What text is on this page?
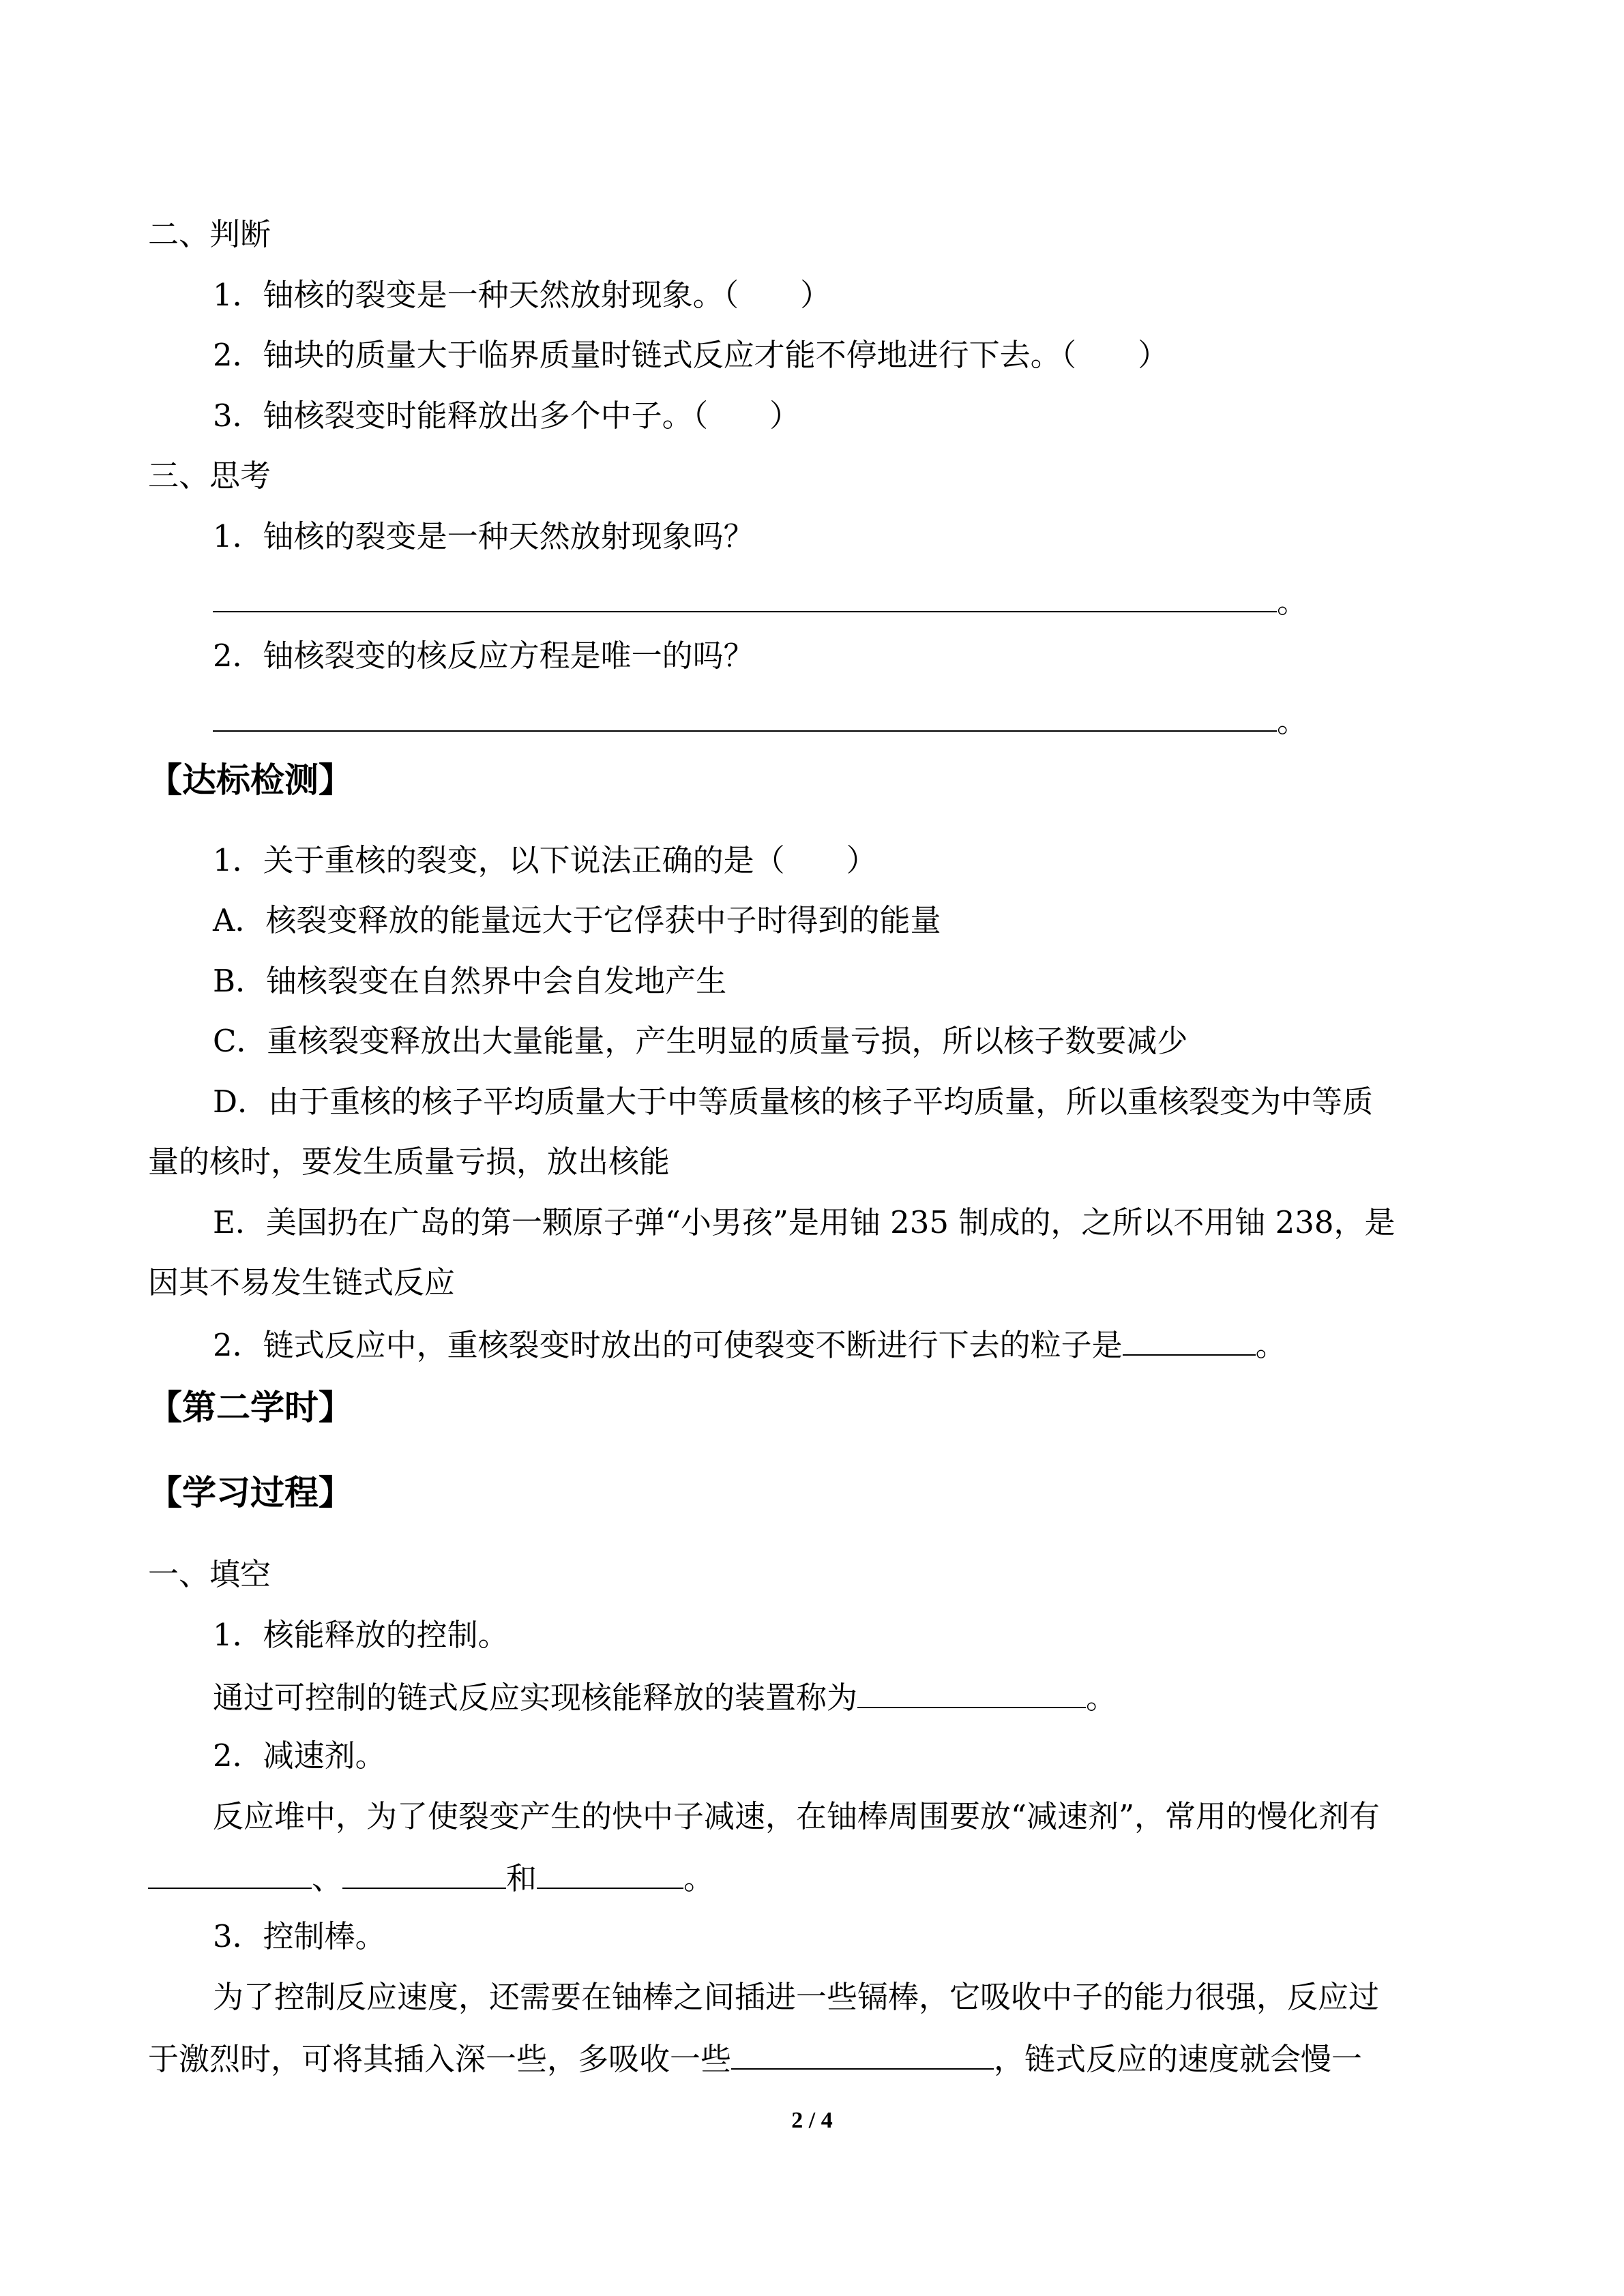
二、判断
1．铀核的裂变是一种天然放射现象。（　　）
2．铀块的质量大于临界质量时链式反应才能不停地进行下去。（　　）
3．铀核裂变时能释放出多个中子。（　　）
三、思考
1．铀核的裂变是一种天然放射现象吗？
。
2．铀核裂变的核反应方程是唯一的吗？
。
【达标检测】
1．关于重核的裂变，以下说法正确的是（　　）
A．核裂变释放的能量远大于它俘获中子时得到的能量
B．铀核裂变在自然界中会自发地产生
C．重核裂变释放出大量能量，产生明显的质量亏损，所以核子数要减少
D．由于重核的核子平均质量大于中等质量核的核子平均质量，所以重核裂变为中等质
量的核时，要发生质量亏损，放出核能
E．美国扔在广岛的第一颗原子弹“小男孩”是用铀 235 制成的，之所以不用铀 238，是
因其不易发生链式反应
2．链式反应中，重核裂变时放出的可使裂变不断进行下去的粒子是	。
【第二学时】
【学习过程】
一、填空
1．核能释放的控制。
通过可控制的链式反应实现核能释放的装置称为	。
2．减速剂。
反应堆中，为了使裂变产生的快中子减速，在铀棒周围要放“减速剂”，常用的慢化剂有
、	和	。
3．控制棒。
为了控制反应速度，还需要在铀棒之间插进一些镉棒，它吸收中子的能力很强，反应过
于激烈时，可将其插入深一些，多吸收一些	，链式反应的速度就会慢一
2 / 4
